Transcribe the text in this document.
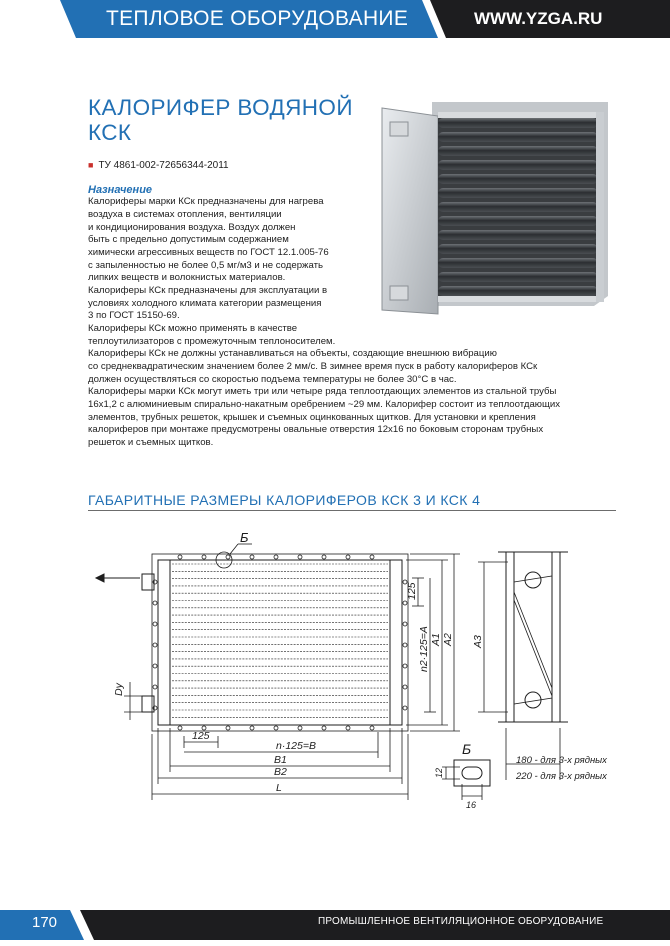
ТЕПЛОВОЕ ОБОРУДОВАНИЕ	WWW.YZGA.RU
КАЛОРИФЕР ВОДЯНОЙ
КСК
■ ТУ 4861-002-72656344-2011
Назначение
Калориферы марки КСк предназначены для нагрева
воздуха в системах отопления, вентиляции
и кондиционирования воздуха. Воздух должен
быть с предельно допустимым содержанием
химически агрессивных веществ по ГОСТ 12.1.005-76
с запыленностью не более 0,5 мг/м3 и не содержать
липких веществ и волокнистых материалов.
Калориферы КСк предназначены для эксплуатации в
условиях холодного климата категории размещения
3 по ГОСТ 15150-69.
Калориферы КСк можно применять в качестве
теплоутилизаторов с промежуточным теплоносителем.
Калориферы КСк не должны устанавливаться на объекты, создающие внешнюю вибрацию
со среднеквадратическим значением более 2 мм/с. В зимнее время пуск в работу калориферов КСк
должен осуществляться со скоростью подъема температуры не более 30°С в час.
Калориферы марки КСк могут иметь три или четыре ряда теплоотдающих элементов из стальной трубы
16х1,2 с алюминиевым спирально-накатным оребрением ~29 мм. Калорифер состоит из теплоотдающих
элементов, трубных решеток, крышек и съемных оцинкованных щитков. Для установки и крепления
калориферов при монтаже предусмотрены овальные отверстия 12х16 по боковым сторонам трубных
решеток и съемных щитков.
ГАБАРИТНЫЕ РАЗМЕРЫ КАЛОРИФЕРОВ КСК 3 И КСК 4
Б
Dy
125
n·125=B
B1
B2
L
125
n2·125=A A1 A2 A3
Б
12
16
180 - для 3-х рядных
220 - для 3-х рядных
170	ПРОМЫШЛЕННОЕ ВЕНТИЛЯЦИОННОЕ ОБОРУДОВАНИЕ
